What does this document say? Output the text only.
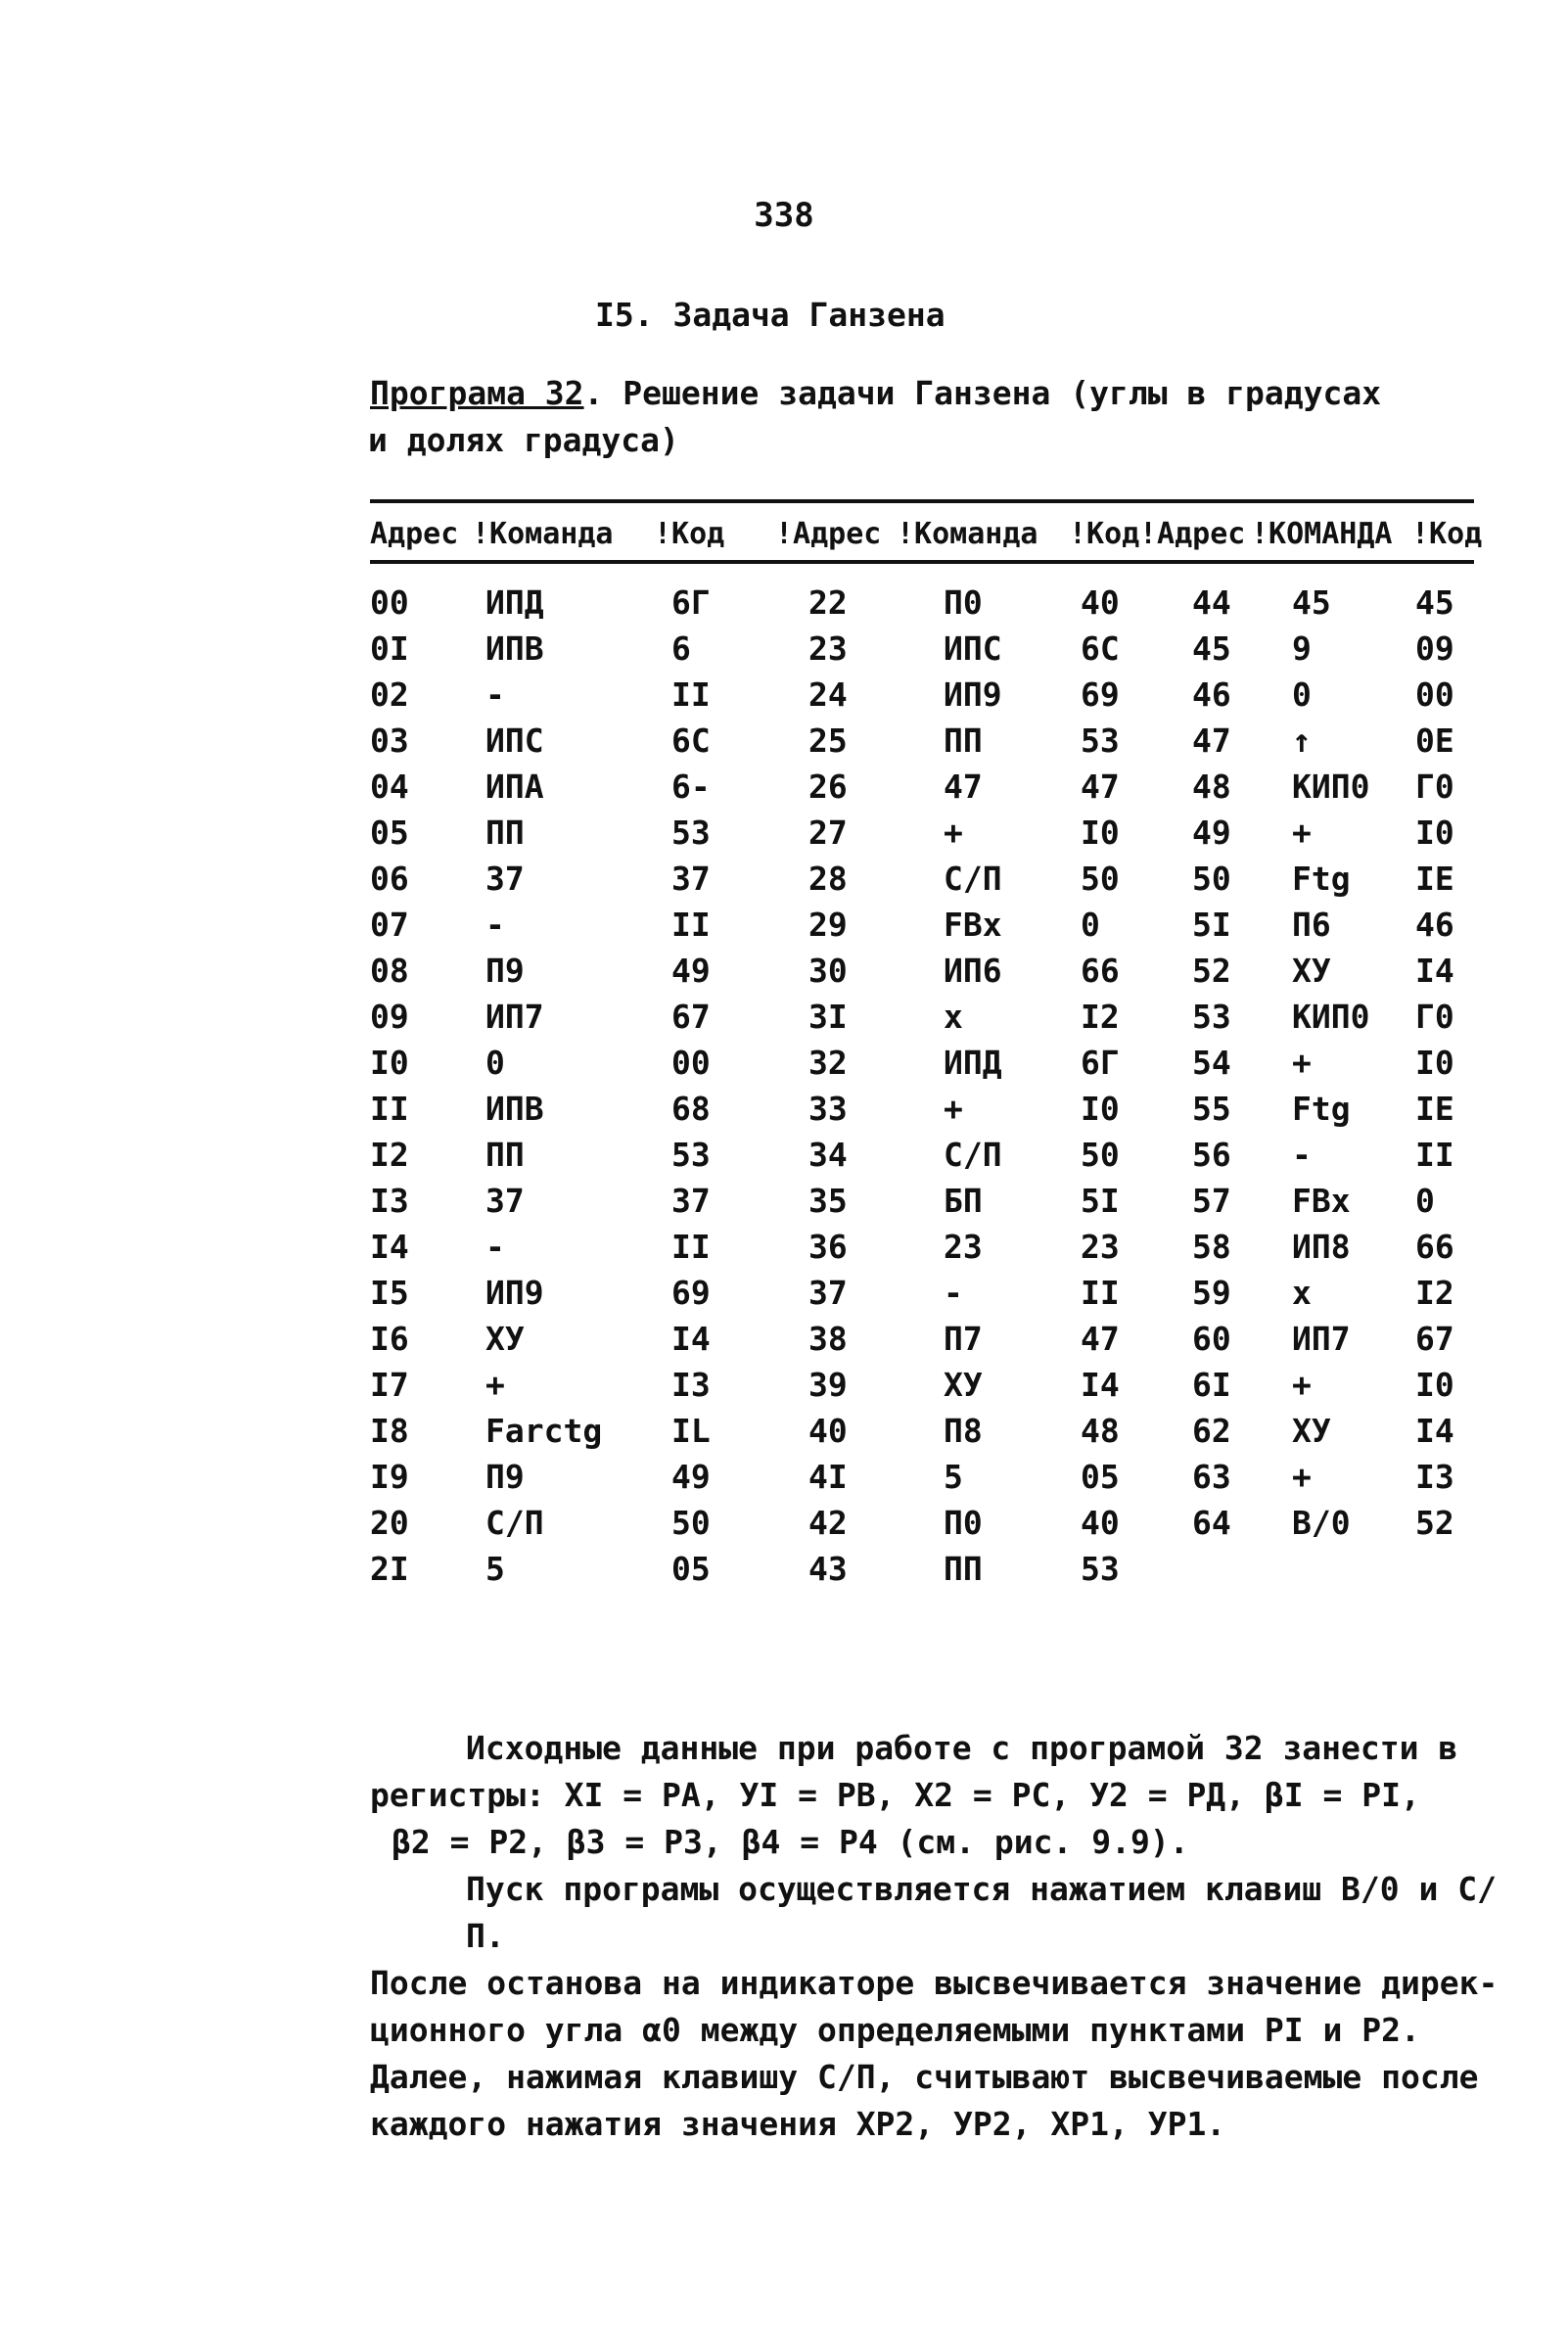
338
I5. Задача Ганзена
Програма 32. Решение задачи Ганзена (углы в градусах
и долях градуса)
Адрес !Команда !Код !Адрес !Команда !Код !Адрес !КОМАНДА !Код
00 ИПД	6Г	22	П0	40 44 45	45
0I ИПВ	6	23	ИПС 6С 45 9	09
02 -	II	24	ИП9 69 46 0	00
03 ИПС	6С	25	ПП	53 47 ↑	0Е
04 ИПА	6-	26	47	47 48 КИП0 Г0
05 ПП	53	27	+	I0 49 +	I0
06 37	37	28	С/П 50 50 Ftg IЕ
07 -	II	29	FBx 0	5I П6	46
08 П9	49	30	ИП6 66 52 ХУ	I4
09 ИП7	67	3I	x	I2 53 КИП0 Г0
I0 0	00	32	ИПД 6Г 54 +	I0
II ИПВ	68	33	+	I0 55 Ftg IЕ
I2 ПП	53	34	С/П 50 56 -	II
I3 37	37	35	БП	5I 57 FBx 0
I4 -	II	36	23	23 58 ИП8 66
I5 ИП9	69	37	-	II 59 x	I2
I6 ХУ	I4	38	П7	47 60 ИП7 67
I7 +	I3	39	ХУ	I4 6I +	I0
I8 Farctg IL	40	П8	48 62 ХУ	I4
I9 П9	49	4I	5	05 63 +	I3
20 С/П	50	42	П0	40 64 В/0 52
2I 5	05	43	ПП	53

Исходные данные при работе с програмой 32 занести в

регистры: XI = РА, УI = РВ, X2 = РС, У2 = РД, βI = РI,

β2 = Р2, β3 = Р3, β4 = Р4 (см. рис. 9.9).

Пуск програмы осуществляется нажатием клавиш В/0 и С/П.

После останова на индикаторе высвечивается значение дирек-

ционного угла α0 между определяемыми пунктами РI и Р2.

Далее, нажимая клавишу С/П, считывают высвечиваемые после

каждого нажатия значения XP2, УP2, XP1, УP1.
